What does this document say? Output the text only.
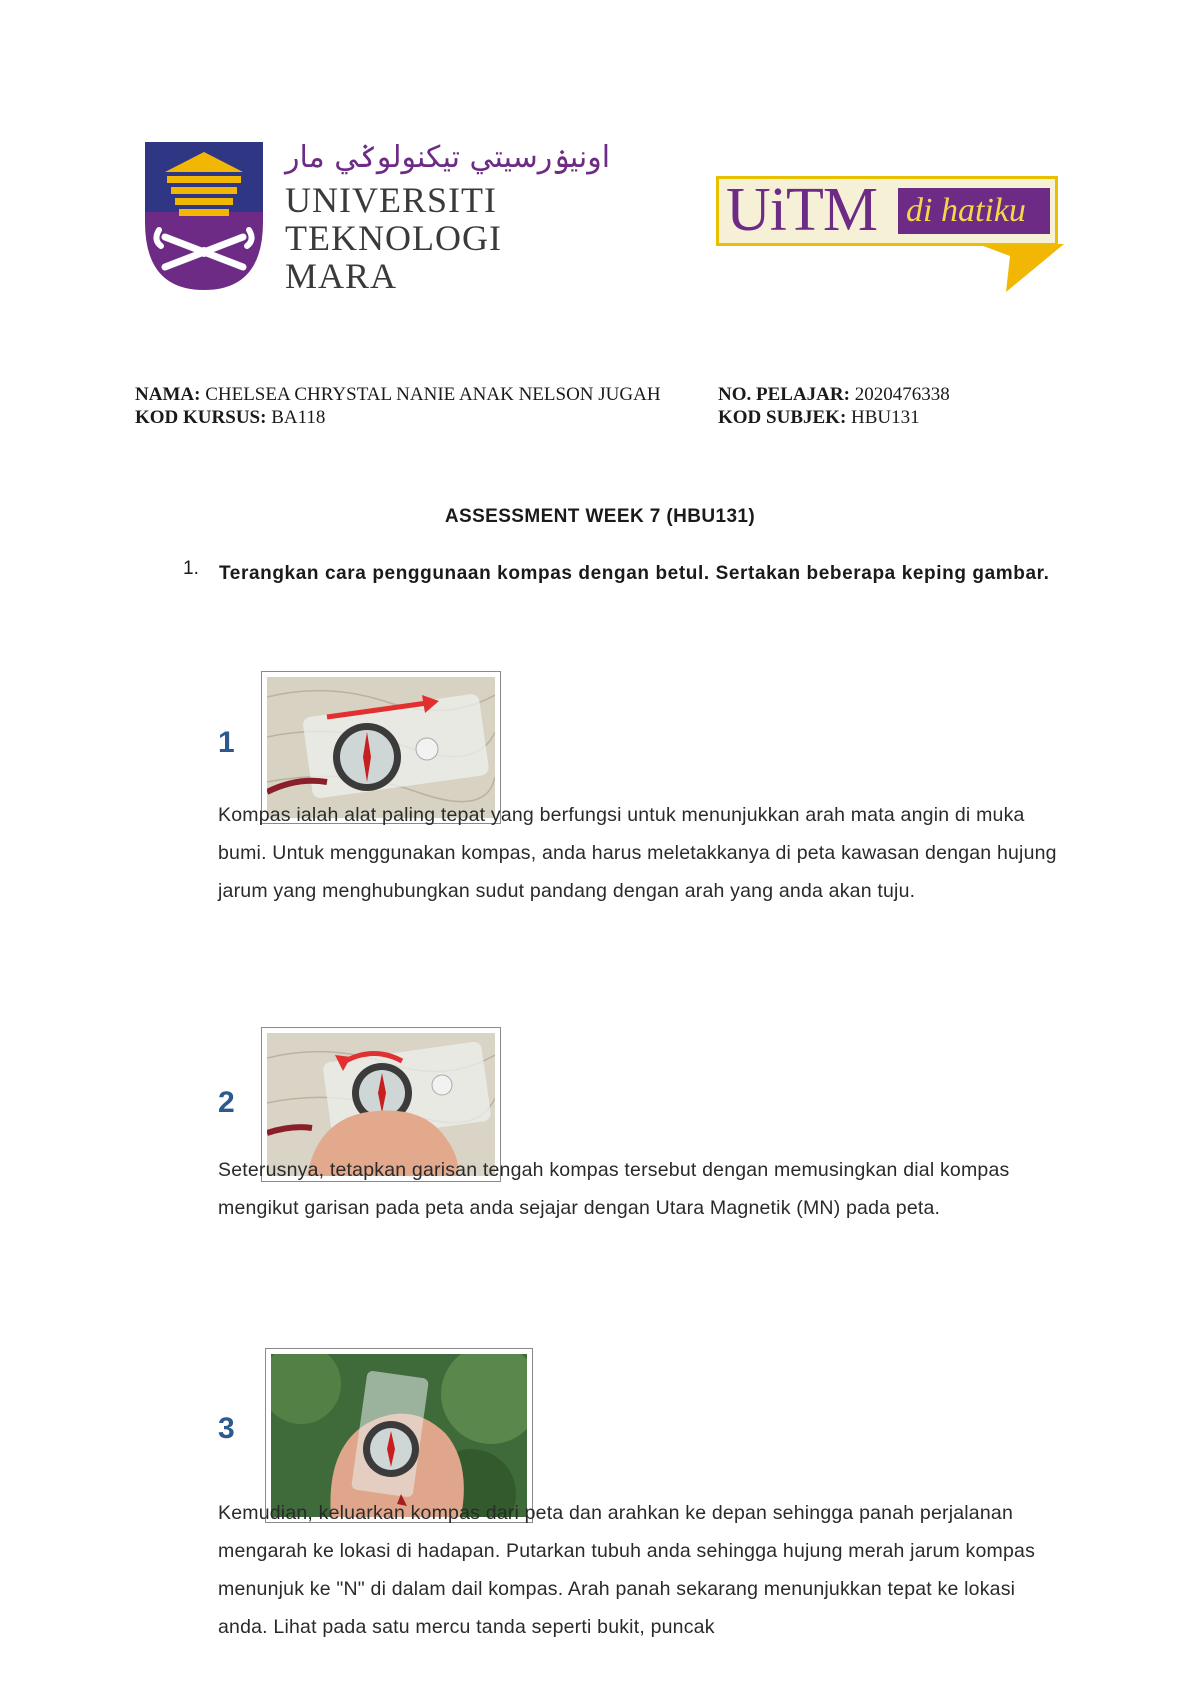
اونيۏرسيتي تيکنولوݢي مار
UNIVERSITI
TEKNOLOGI
MARA
UiTM di hatiku
NAMA: CHELSEA CHRYSTAL NANIE ANAK NELSON JUGAH
KOD KURSUS: BA118
NO. PELAJAR: 2020476338
KOD SUBJEK: HBU131
ASSESSMENT WEEK 7 (HBU131)
1. Terangkan cara penggunaan kompas dengan betul. Sertakan beberapa keping gambar.
1
Kompas ialah alat paling tepat yang berfungsi untuk menunjukkan arah mata angin di muka bumi. Untuk menggunakan kompas, anda harus meletakkanya di peta kawasan dengan hujung jarum yang menghubungkan sudut pandang dengan arah yang anda akan tuju.
2
Seterusnya, tetapkan garisan tengah kompas tersebut dengan memusingkan dial kompas mengikut garisan pada peta anda sejajar dengan Utara Magnetik (MN) pada peta.
3
Kemudian, keluarkan kompas dari peta dan arahkan ke depan sehingga panah perjalanan mengarah ke lokasi di hadapan. Putarkan tubuh anda sehingga hujung merah jarum kompas menunjuk ke "N" di dalam dail kompas. Arah panah sekarang menunjukkan tepat ke lokasi anda. Lihat pada satu mercu tanda seperti bukit, puncak
